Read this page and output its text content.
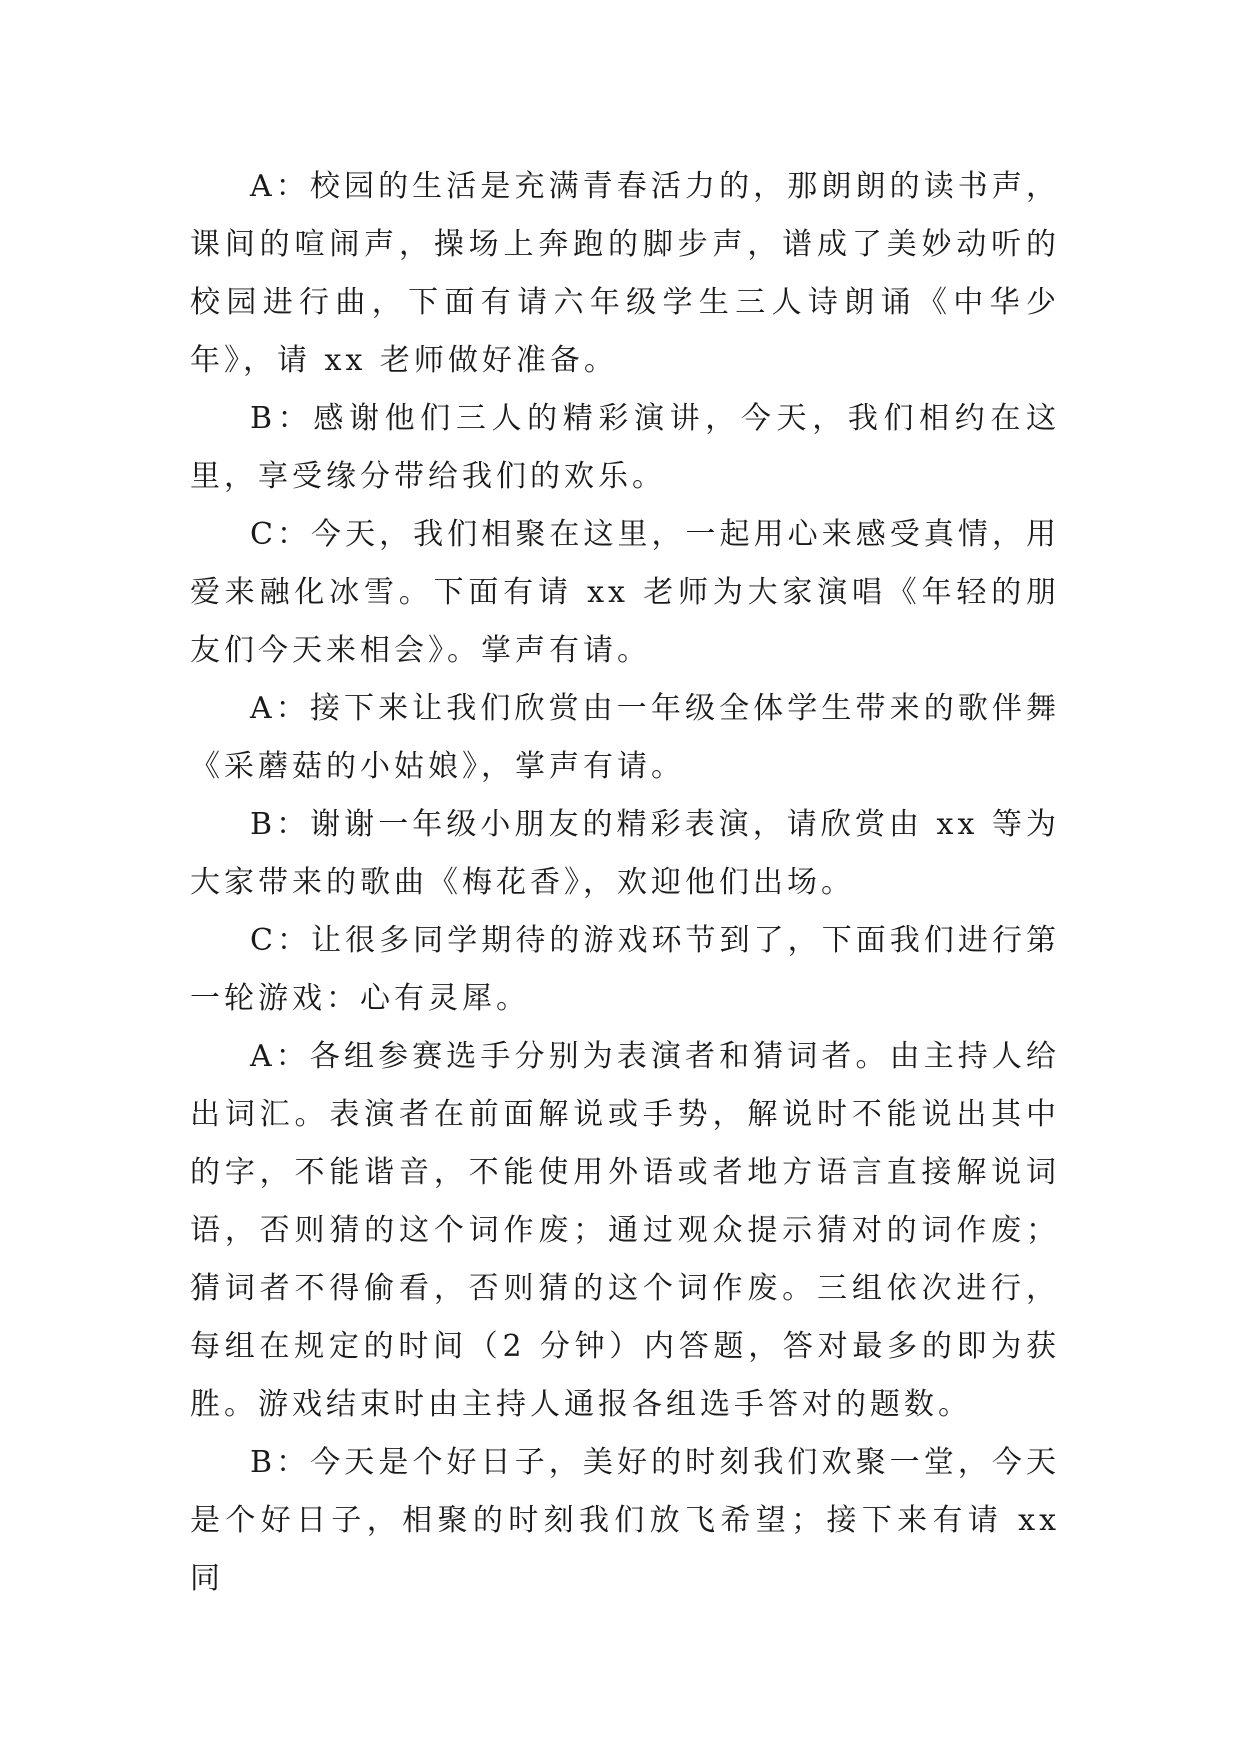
A：校园的生活是充满青春活力的，那朗朗的读书声，课间的喧闹声，操场上奔跑的脚步声，谱成了美妙动听的校园进行曲，下面有请六年级学生三人诗朗诵《中华少年》，请 xx 老师做好准备。

B：感谢他们三人的精彩演讲，今天，我们相约在这里，享受缘分带给我们的欢乐。

C：今天，我们相聚在这里，一起用心来感受真情，用爱来融化冰雪。下面有请 xx 老师为大家演唱《年轻的朋友们今天来相会》。掌声有请。

A：接下来让我们欣赏由一年级全体学生带来的歌伴舞《采蘑菇的小姑娘》，掌声有请。

B：谢谢一年级小朋友的精彩表演，请欣赏由 xx 等为大家带来的歌曲《梅花香》，欢迎他们出场。

C：让很多同学期待的游戏环节到了，下面我们进行第一轮游戏：心有灵犀。

A：各组参赛选手分别为表演者和猜词者。由主持人给出词汇。表演者在前面解说或手势，解说时不能说出其中的字，不能谐音，不能使用外语或者地方语言直接解说词语，否则猜的这个词作废；通过观众提示猜对的词作废；猜词者不得偷看，否则猜的这个词作废。三组依次进行，每组在规定的时间（2 分钟）内答题，答对最多的即为获胜。游戏结束时由主持人通报各组选手答对的题数。

B：今天是个好日子，美好的时刻我们欢聚一堂，今天是个好日子，相聚的时刻我们放飞希望；接下来有请 xx 同
